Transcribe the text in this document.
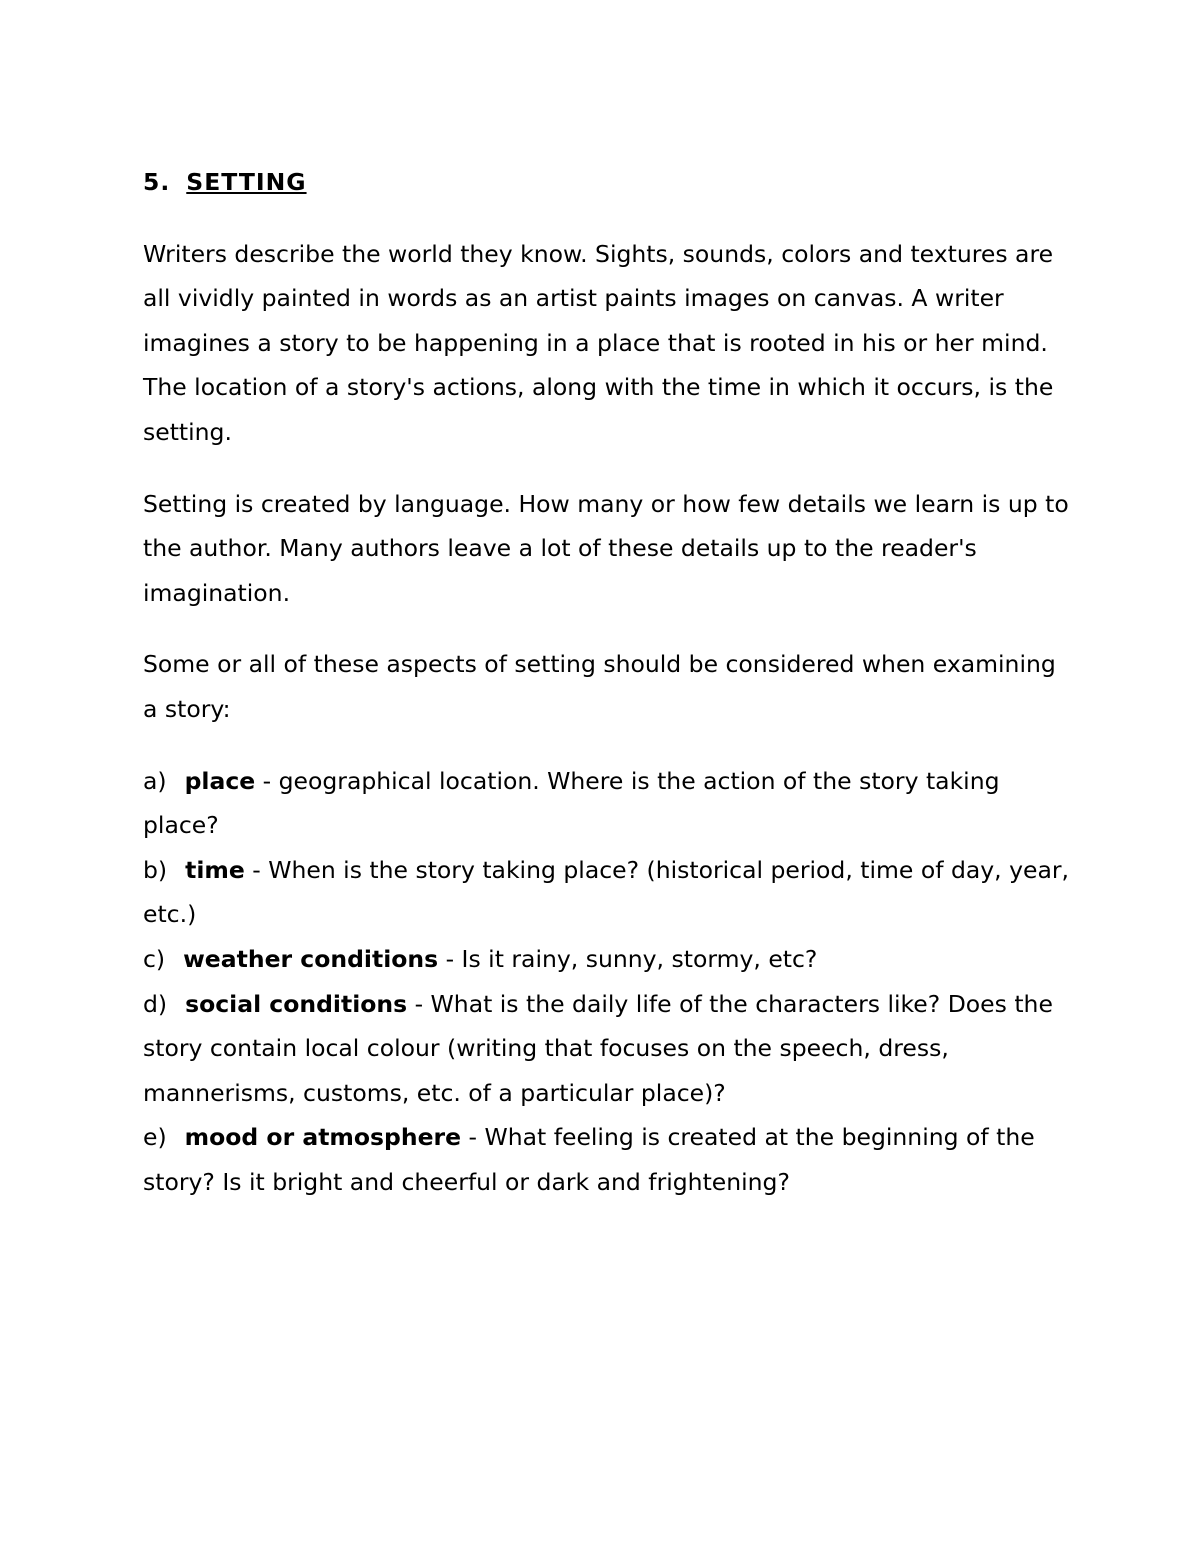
5. SETTING

Writers describe the world they know. Sights, sounds, colors and textures are all vividly painted in words as an artist paints images on canvas. A writer imagines a story to be happening in a place that is rooted in his or her mind. The location of a story's actions, along with the time in which it occurs, is the setting.

Setting is created by language. How many or how few details we learn is up to the author. Many authors leave a lot of these details up to the reader's imagination.

Some or all of these aspects of setting should be considered when examining a story:

a) place - geographical location. Where is the action of the story taking place?
b) time - When is the story taking place? (historical period, time of day, year, etc.)
c) weather conditions - Is it rainy, sunny, stormy, etc?
d) social conditions - What is the daily life of the characters like? Does the story contain local colour (writing that focuses on the speech, dress, mannerisms, customs, etc. of a particular place)?
e) mood or atmosphere - What feeling is created at the beginning of the story? Is it bright and cheerful or dark and frightening?
